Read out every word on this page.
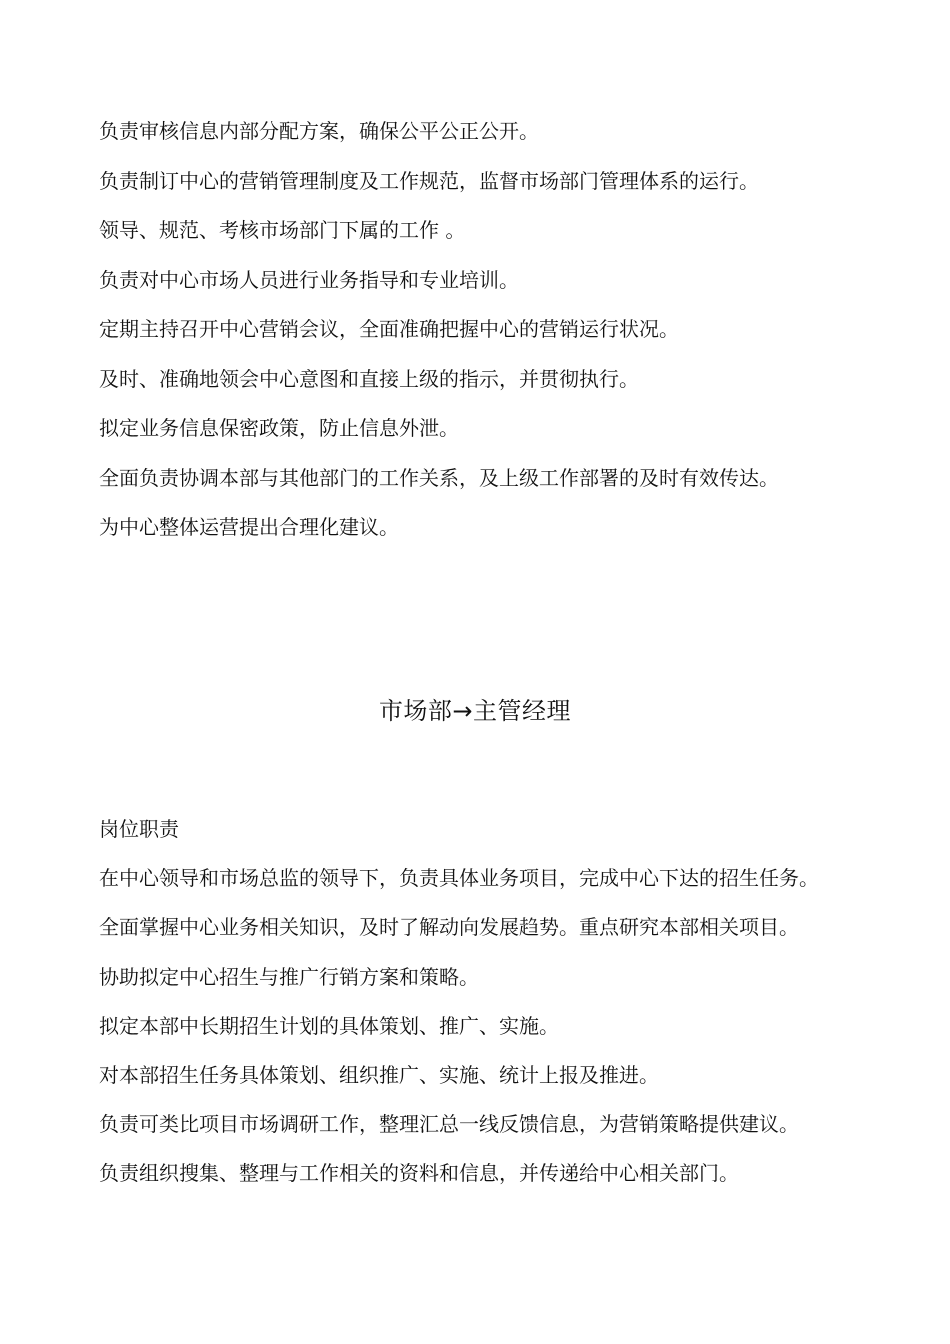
负责审核信息内部分配方案，确保公平公正公开。

负责制订中心的营销管理制度及工作规范，监督市场部门管理体系的运行。

领导、规范、考核市场部门下属的工作 。

负责对中心市场人员进行业务指导和专业培训。

定期主持召开中心营销会议，全面准确把握中心的营销运行状况。

及时、准确地领会中心意图和直接上级的指示，并贯彻执行。

拟定业务信息保密政策，防止信息外泄。

全面负责协调本部与其他部门的工作关系，及上级工作部署的及时有效传达。

为中心整体运营提出合理化建议。

市场部→主管经理

岗位职责

在中心领导和市场总监的领导下，负责具体业务项目，完成中心下达的招生任务。

全面掌握中心业务相关知识，及时了解动向发展趋势。重点研究本部相关项目。

协助拟定中心招生与推广行销方案和策略。

拟定本部中长期招生计划的具体策划、推广、实施。

对本部招生任务具体策划、组织推广、实施、统计上报及推进。

负责可类比项目市场调研工作，整理汇总一线反馈信息，为营销策略提供建议。

负责组织搜集、整理与工作相关的资料和信息，并传递给中心相关部门。
